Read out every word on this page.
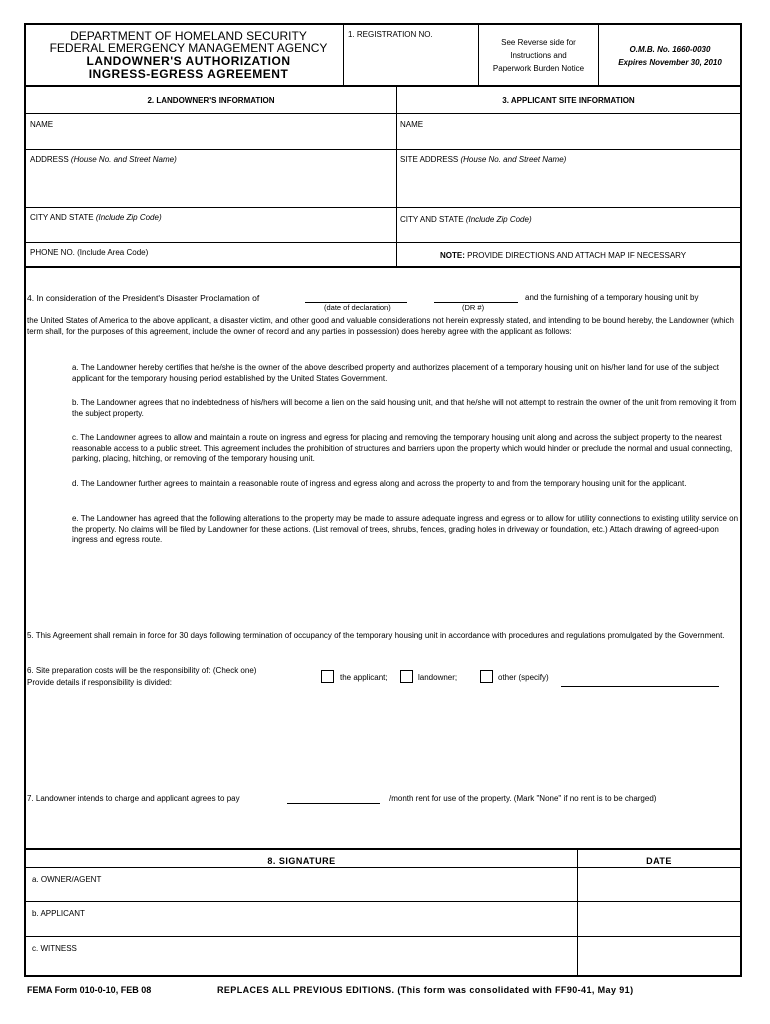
DEPARTMENT OF HOMELAND SECURITY
FEDERAL EMERGENCY MANAGEMENT AGENCY
LANDOWNER'S AUTHORIZATION
INGRESS-EGRESS AGREEMENT
1. REGISTRATION NO.
See Reverse side for
Instructions and
Paperwork Burden Notice
O.M.B. No. 1660-0030
Expires November 30, 2010
2. LANDOWNER'S INFORMATION	3. APPLICANT SITE INFORMATION
NAME	NAME
ADDRESS (House No. and Street Name)	SITE ADDRESS (House No. and Street Name)
CITY AND STATE (Include Zip Code)	CITY AND STATE (Include Zip Code)
PHONE NO. (Include Area Code)	NOTE: PROVIDE DIRECTIONS AND ATTACH MAP IF NECESSARY
4. In consideration of the President's Disaster Proclamation of
(date of declaration)	(DR #)
and the furnishing of a temporary housing unit by
the United States of America to the above applicant, a disaster victim, and other good and valuable considerations not herein expressly stated, and intending to be bound hereby, the Landowner (which term shall, for the purposes of this agreement, include the owner of record and any parties in possession) does hereby agree with the applicant as follows:
a. The Landowner hereby certifies that he/she is the owner of the above described property and authorizes placement of a temporary housing unit on his/her land for use of the subject applicant for the temporary housing period established by the United States Government.
b. The Landowner agrees that no indebtedness of his/hers will become a lien on the said housing unit, and that he/she will not attempt to restrain the owner of the unit from removing it from the subject property.
c. The Landowner agrees to allow and maintain a route on ingress and egress for placing and removing the temporary housing unit along and across the subject property to the nearest reasonable access to a public street. This agreement includes the prohibition of structures and barriers upon the property which would hinder or preclude the normal and usual connecting, parking, placing, hitching, or removing of the temporary housing unit.
d. The Landowner further agrees to maintain a reasonable route of ingress and egress along and across the property to and from the temporary housing unit for the applicant.
e. The Landowner has agreed that the following alterations to the property may be made to assure adequate ingress and egress or to allow for utility connections to existing utility service on the property. No claims will be filed by Landowner for these actions. (List removal of trees, shrubs, fences, grading holes in driveway or foundation, etc.) Attach drawing of agreed-upon ingress and egress route.
5. This Agreement shall remain in force for 30 days following termination of occupancy of the temporary housing unit in accordance with procedures and regulations promulgated by the Government.
6. Site preparation costs will be the responsibility of: (Check one)
Provide details if responsibility is divided:
the applicant;	landowner;	other (specify)
7. Landowner intends to charge and applicant agrees to pay	/month rent for use of the property. (Mark "None" if no rent is to be charged)
8. SIGNATURE	DATE
a. OWNER/AGENT
b. APPLICANT
c. WITNESS
FEMA Form 010-0-10, FEB 08	REPLACES ALL PREVIOUS EDITIONS. (This form was consolidated with FF90-41, May 91)
